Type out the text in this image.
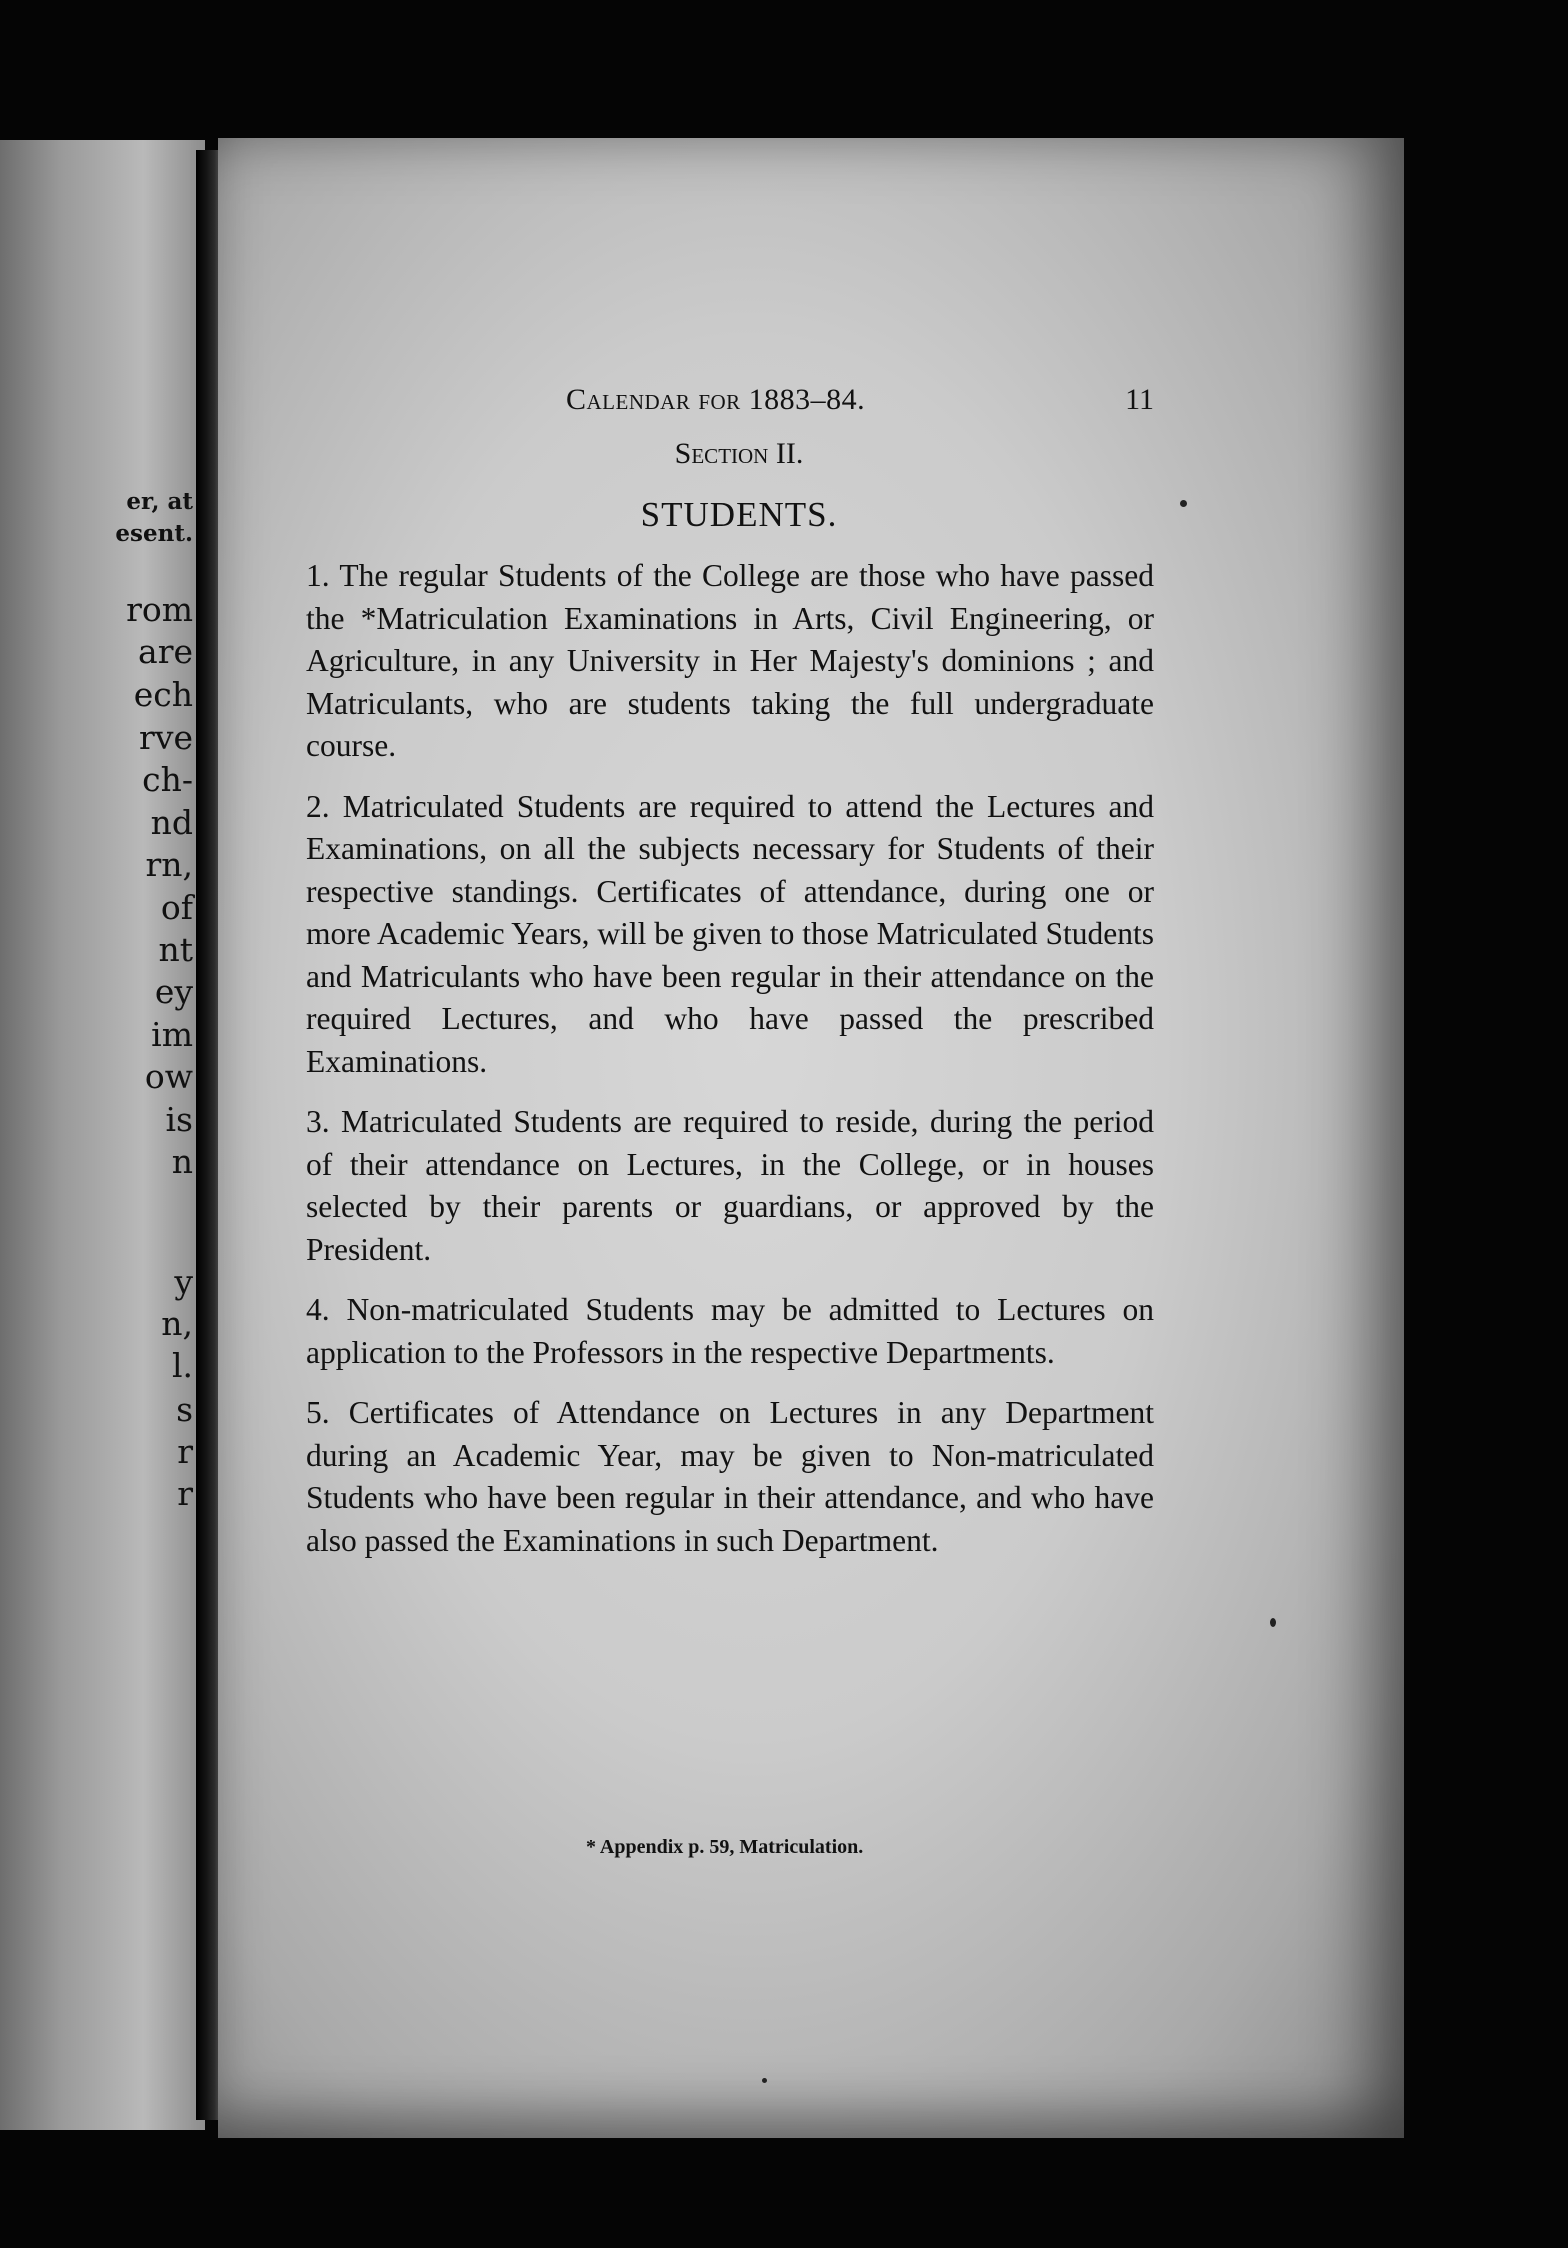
er, at
esent.
rom
are
ech
rve
ch-
nd
rn,
of
nt
ey
im
ow
is
n
y
n,
l.
s
r
r
Calendar for 1883–84.	11
Section II.
STUDENTS.

1. The regular Students of the College are those who have passed the *Matriculation Examinations in Arts, Civil Engineering, or Agriculture, in any University in Her Majesty's dominions ; and Matriculants, who are students taking the full undergraduate course.

2. Matriculated Students are required to attend the Lectures and Examinations, on all the subjects necessary for Students of their respective standings. Certificates of attendance, during one or more Academic Years, will be given to those Matriculated Students and Matriculants who have been regular in their attendance on the required Lectures, and who have passed the prescribed Examinations.

3. Matriculated Students are required to reside, during the period of their attendance on Lectures, in the College, or in houses selected by their parents or guardians, or approved by the President.

4. Non-matriculated Students may be admitted to Lectures on application to the Professors in the respective Departments.

5. Certificates of Attendance on Lectures in any Department during an Academic Year, may be given to Non-matriculated Students who have been regular in their attendance, and who have also passed the Examinations in such Department.

* Appendix p. 59, Matriculation.
